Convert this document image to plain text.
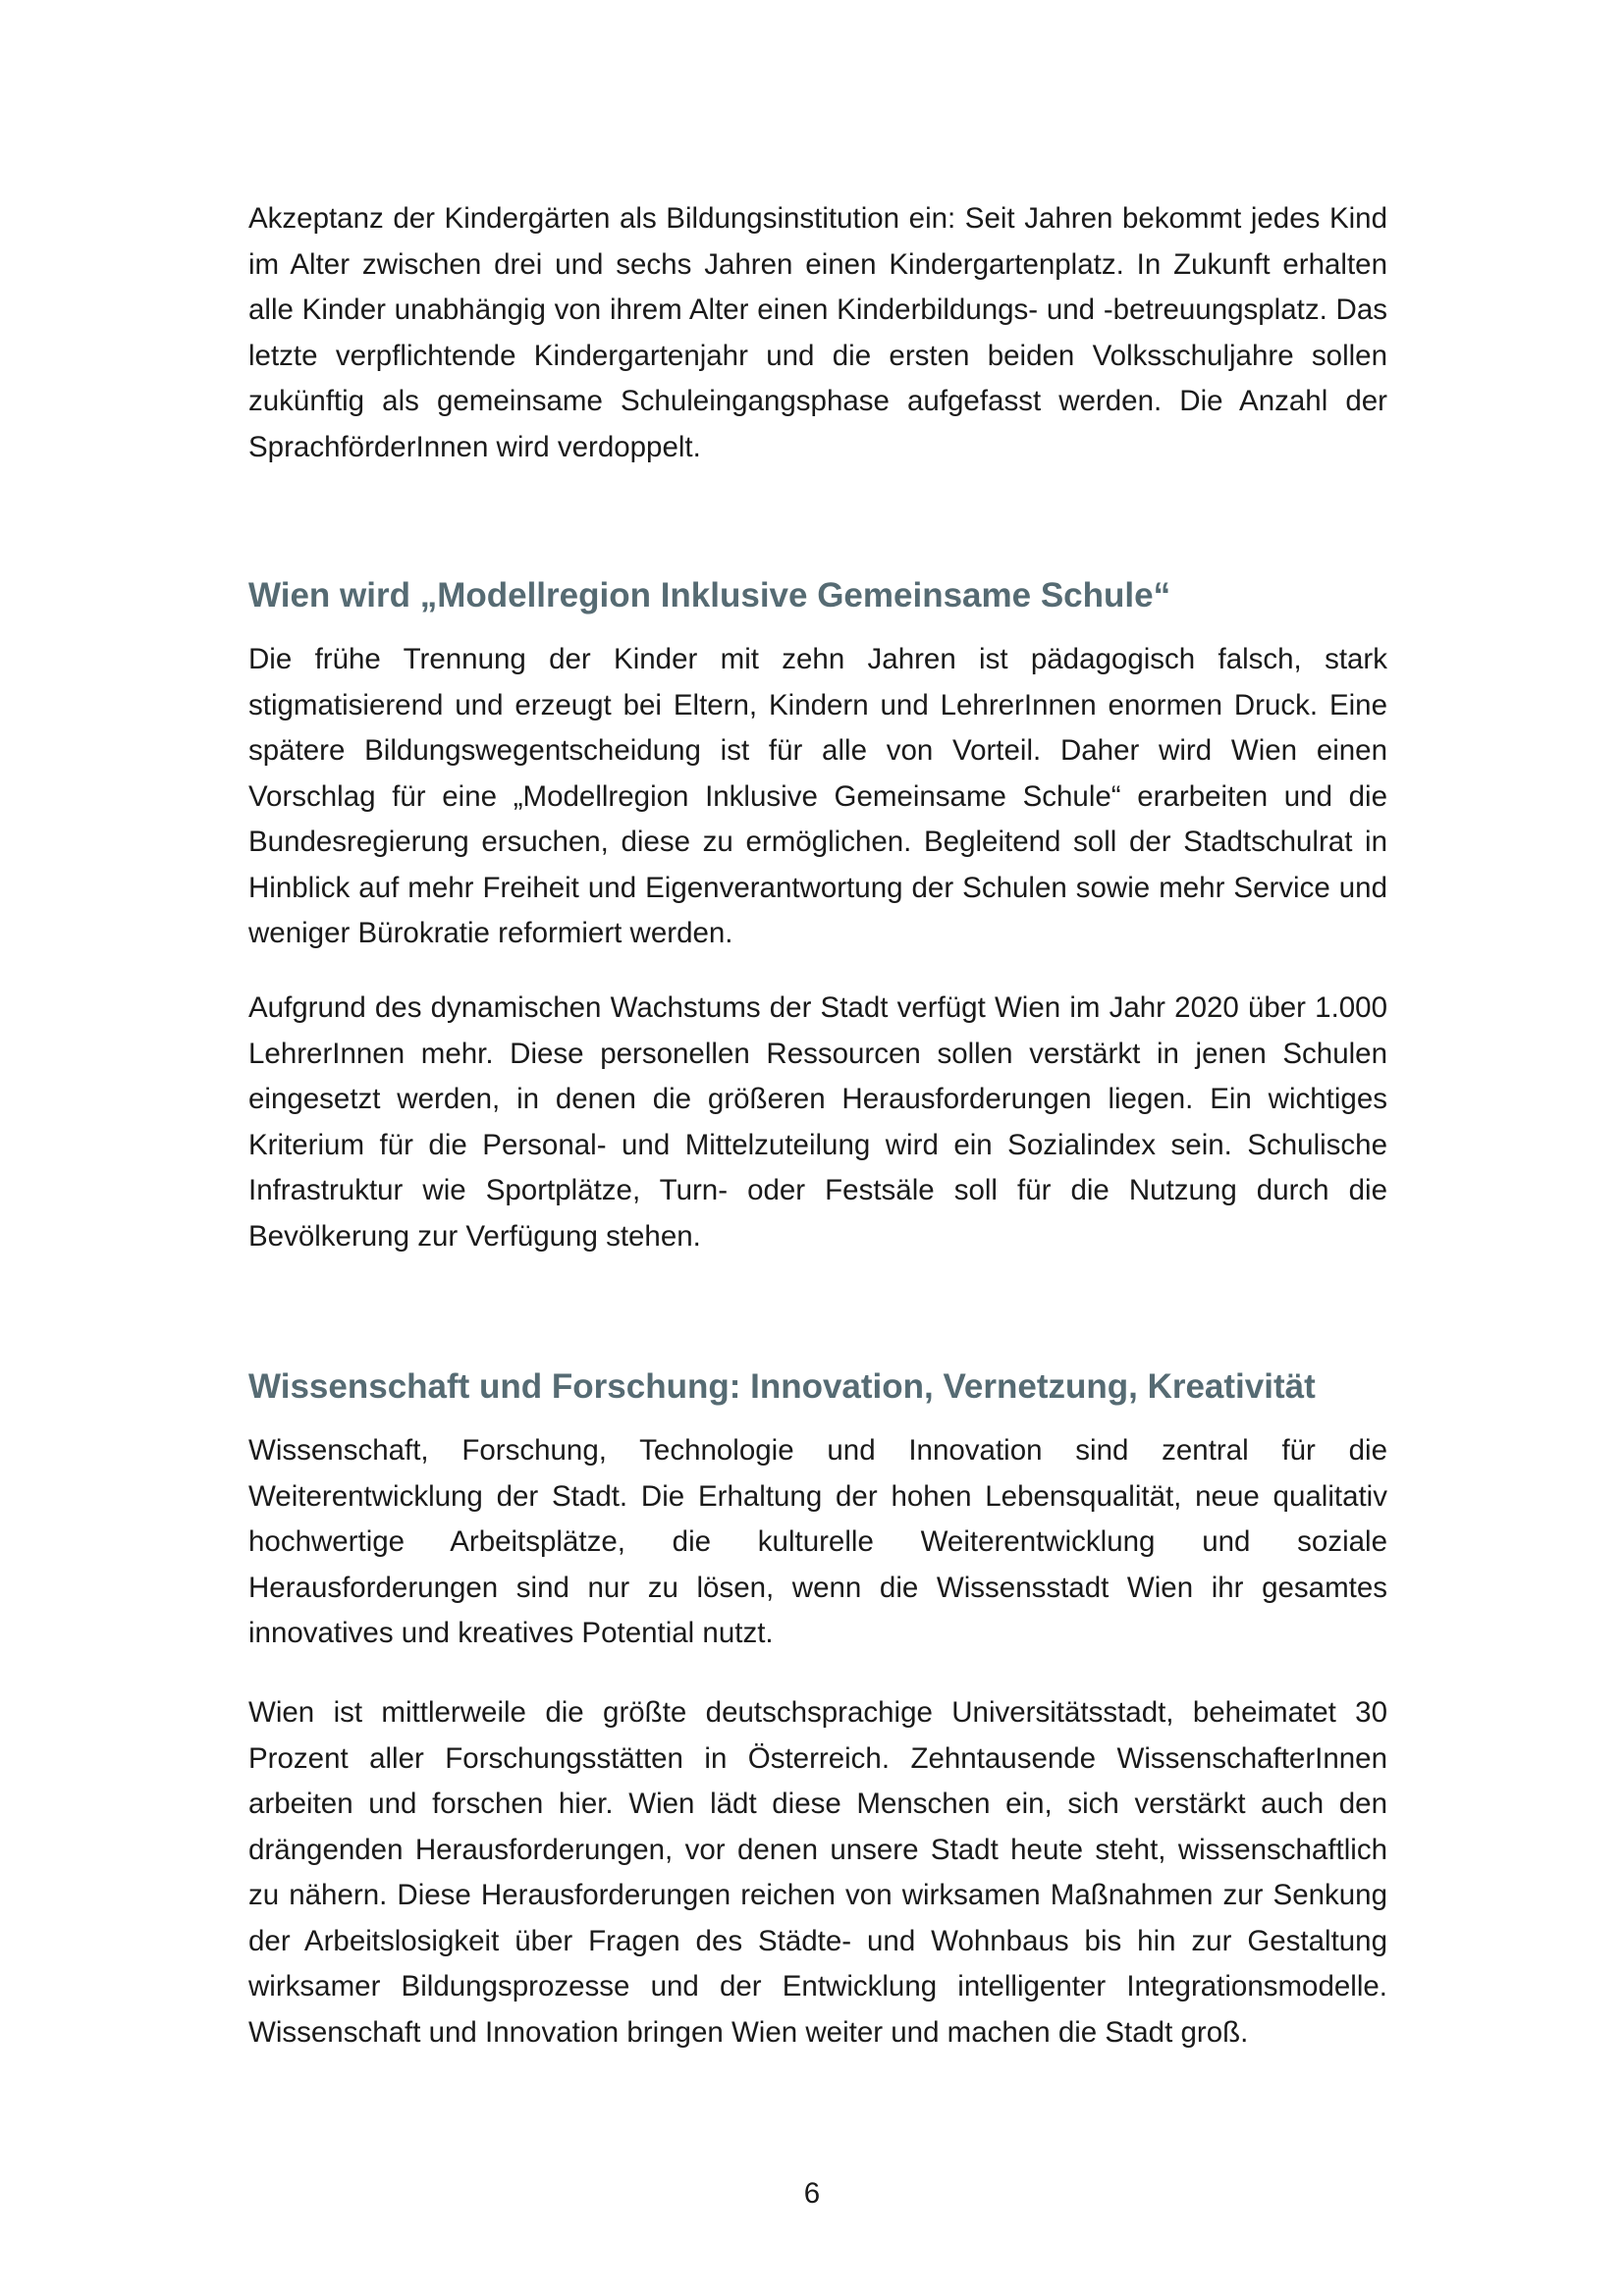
Akzeptanz der Kindergärten als Bildungsinstitution ein: Seit Jahren bekommt jedes Kind im Alter zwischen drei und sechs Jahren einen Kindergartenplatz. In Zukunft erhalten alle Kinder unabhängig von ihrem Alter einen Kinderbildungs- und -betreuungsplatz. Das letzte verpflichtende Kindergartenjahr und die ersten beiden Volksschuljahre sollen zukünftig als gemeinsame Schuleingangsphase aufgefasst werden. Die Anzahl der SprachförderInnen wird verdoppelt.

Wien wird „Modellregion Inklusive Gemeinsame Schule“

Die frühe Trennung der Kinder mit zehn Jahren ist pädagogisch falsch, stark stigmatisierend und erzeugt bei Eltern, Kindern und LehrerInnen enormen Druck. Eine spätere Bildungswegentscheidung ist für alle von Vorteil. Daher wird Wien einen Vorschlag für eine „Modellregion Inklusive Gemeinsame Schule“ erarbeiten und die Bundesregierung ersuchen, diese zu ermöglichen. Begleitend soll der Stadtschulrat in Hinblick auf mehr Freiheit und Eigenverantwortung der Schulen sowie mehr Service und weniger Bürokratie reformiert werden.

Aufgrund des dynamischen Wachstums der Stadt verfügt Wien im Jahr 2020 über 1.000 LehrerInnen mehr. Diese personellen Ressourcen sollen verstärkt in jenen Schulen eingesetzt werden, in denen die größeren Herausforderungen liegen. Ein wichtiges Kriterium für die Personal- und Mittelzuteilung wird ein Sozialindex sein. Schulische Infrastruktur wie Sportplätze, Turn- oder Festsäle soll für die Nutzung durch die Bevölkerung zur Verfügung stehen.

Wissenschaft und Forschung: Innovation, Vernetzung, Kreativität

Wissenschaft, Forschung, Technologie und Innovation sind zentral für die Weiterentwicklung der Stadt. Die Erhaltung der hohen Lebensqualität, neue qualitativ hochwertige Arbeitsplätze, die kulturelle Weiterentwicklung und soziale Herausforderungen sind nur zu lösen, wenn die Wissensstadt Wien ihr gesamtes innovatives und kreatives Potential nutzt.

Wien ist mittlerweile die größte deutschsprachige Universitätsstadt, beheimatet 30 Prozent aller Forschungsstätten in Österreich. Zehntausende WissenschafterInnen arbeiten und forschen hier. Wien lädt diese Menschen ein, sich verstärkt auch den drängenden Herausforderungen, vor denen unsere Stadt heute steht, wissenschaftlich zu nähern. Diese Herausforderungen reichen von wirksamen Maßnahmen zur Senkung der Arbeitslosigkeit über Fragen des Städte- und Wohnbaus bis hin zur Gestaltung wirksamer Bildungsprozesse und der Entwicklung intelligenter Integrationsmodelle. Wissenschaft und Innovation bringen Wien weiter und machen die Stadt groß.

6
